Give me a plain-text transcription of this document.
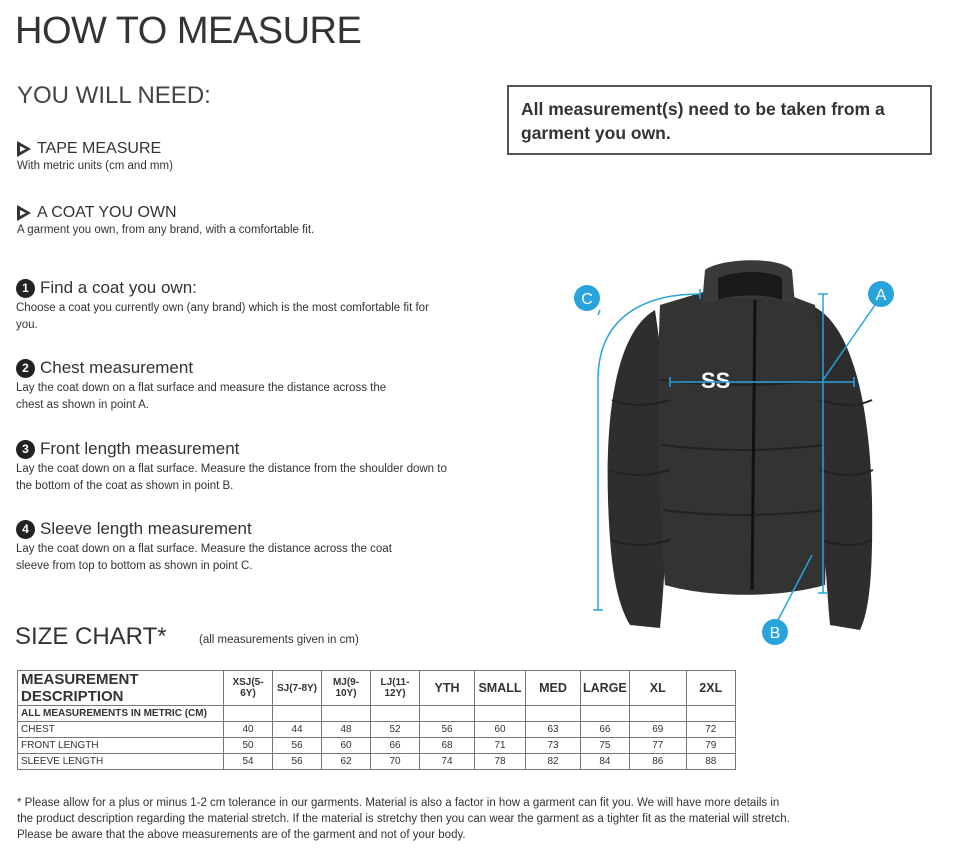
HOW TO MEASURE
YOU WILL NEED:
TAPE MEASURE
With metric units (cm and mm)
A COAT YOU OWN
A garment you own, from any brand, with a comfortable fit.
All measurement(s) need to be taken from a garment you own.
1 Find a coat you own:
Choose a coat you currently own (any brand) which is the most comfortable fit for you.
2 Chest measurement
Lay the coat down on a flat surface and measure the distance across the chest as shown in point A.
3 Front length measurement
Lay the coat down on a flat surface. Measure the distance from the shoulder down to the bottom of the coat as shown in point B.
4 Sleeve length measurement
Lay the coat down on a flat surface. Measure the distance across the coat sleeve from top to bottom as shown in point C.
SS
A
B
C
SIZE CHART*	(all measurements given in cm)
MEASUREMENT DESCRIPTION	XSJ(5-6Y)	SJ(7-8Y)	MJ(9-10Y)	LJ(11-12Y)	YTH	SMALL	MED	LARGE	XL	2XL
ALL MEASUREMENTS IN METRIC (CM)										
CHEST	40	44	48	52	56	60	63	66	69	72
FRONT LENGTH	50	56	60	66	68	71	73	75	77	79
SLEEVE LENGTH	54	56	62	70	74	78	82	84	86	88
* Please allow for a plus or minus 1-2 cm tolerance in our garments. Material is also a factor in how a garment can fit you. We will have more details in the product description regarding the material stretch. If the material is stretchy then you can wear the garment as a tighter fit as the material will stretch. Please be aware that the above measurements are of the garment and not of your body.
